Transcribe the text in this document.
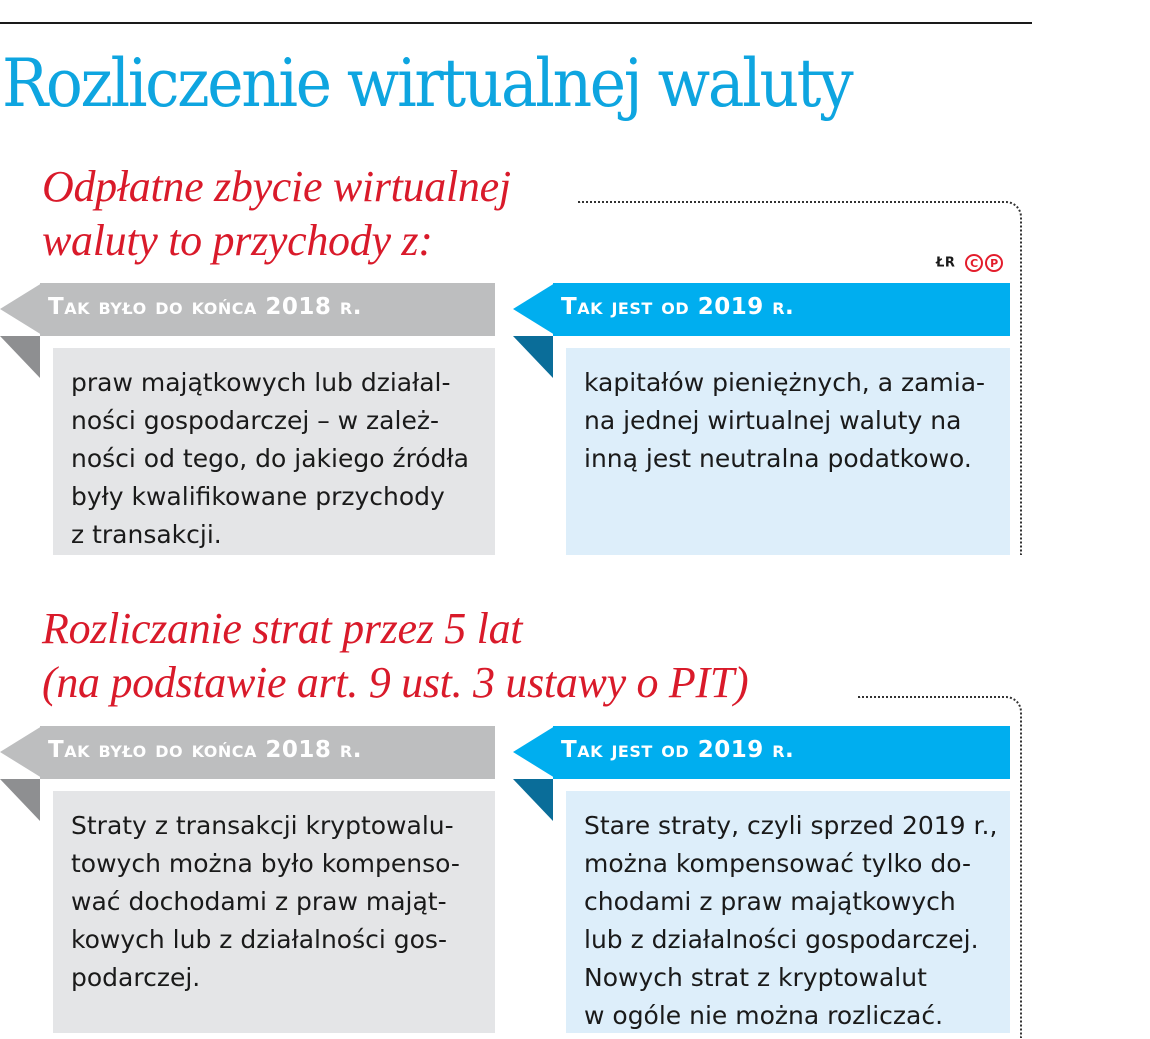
Rozliczenie wirtualnej waluty
Odpłatne zbycie wirtualnej
waluty to przychody z:	ŁR	C	P
Tak było do końca 2018 r.
praw majątkowych lub działal-
ności gospodarczej – w zależ-
ności od tego, do jakiego źródła
były kwalifikowane przychody
z transakcji.
Tak jest od 2019 r.
kapitałów pieniężnych, a zamia-
na jednej wirtualnej waluty na
inną jest neutralna podatkowo.
Rozliczanie strat przez 5 lat
(na podstawie art. 9 ust. 3 ustawy o PIT)
Tak było do końca 2018 r.
Straty z transakcji kryptowalu-
towych można było kompenso-
wać dochodami z praw mająt-
kowych lub z działalności gos-
podarczej.
Tak jest od 2019 r.
Stare straty, czyli sprzed 2019 r.,
można kompensować tylko do-
chodami z praw majątkowych
lub z działalności gospodarczej.
Nowych strat z kryptowalut
w ogóle nie można rozliczać.
